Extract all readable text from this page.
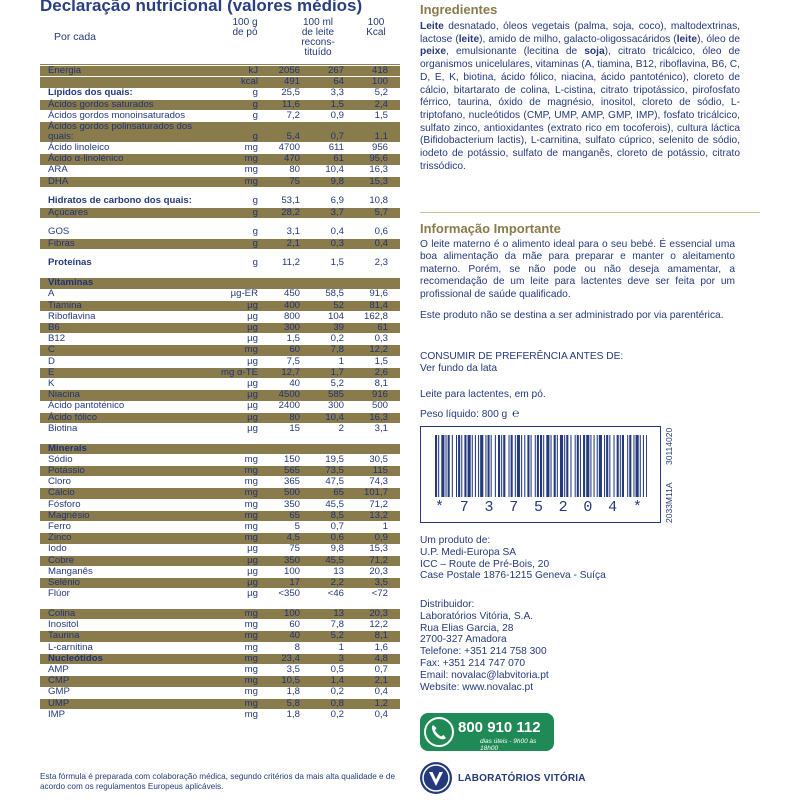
Declaração nutricional (valores médios)
Por cada
100 g
de pó
100 ml
de leite
recons-
tituído
100
Kcal
Energia	kJ	2056	267	418
kcal	491	64	100
Lípidos dos quais:	g	25,5	3,3	5,2
Ácidos gordos saturados	g	11,6	1,5	2,4
Ácidos gordos monoinsaturados	g	7,2	0,9	1,5
Ácidos gordos polinsaturados dos quais:	g	5,4	0,7	1,1
Ácido linoleico	mg	4700	611	956
Ácido α-linolénico	mg	470	61	95,6
ARA	mg	80	10,4	16,3
DHA	mg	75	9,8	15,3
Hidratos de carbono dos quais:	g	53,1	6,9	10,8
Açúcares	g	28,2	3,7	5,7
GOS	g	3,1	0,4	0,6
Fibras	g	2,1	0,3	0,4
Proteínas	g	11,2	1,5	2,3
Vitaminas
A	µg-ER	450	58,5	91,6
Tiamina	µg	400	52	81,4
Riboflavina	µg	800	104	162,8
B6	µg	300	39	61
B12	µg	1,5	0,2	0,3
C	mg	60	7,8	12,2
D	µg	7,5	1	1,5
E	mg α-TE	12,7	1,7	2,6
K	µg	40	5,2	8,1
Niacina	µg	4500	585	916
Ácido pantoténico	µg	2400	300	500
Ácido fólico	µg	80	10,4	16,3
Biotina	µg	15	2	3,1
Minerais
Sódio	mg	150	19,5	30,5
Potássio	mg	565	73,5	115
Cloro	mg	365	47,5	74,3
Cálcio	mg	500	65	101,7
Fósforo	mg	350	45,5	71,2
Magnésio	mg	65	8,5	13,2
Ferro	mg	5	0,7	1
Zinco	mg	4,5	0,6	0,9
Iodo	µg	75	9,8	15,3
Cobre	µg	350	45,5	71,2
Manganês	µg	100	13	20,3
Selénio	µg	17	2,2	3,5
Flúor	µg	<350	<46	<72
Colina	mg	100	13	20,3
Inositol	mg	60	7,8	12,2
Taurina	mg	40	5,2	8,1
L-carnitina	mg	8	1	1,6
Nucleótidos	mg	23,4	3	4,8
AMP	mg	3,5	0,5	0,7
CMP	mg	10,5	1,4	2,1
GMP	mg	1,8	0,2	0,4
UMP	mg	5,8	0,8	1,2
IMP	mg	1,8	0,2	0,4
Esta fórmula é preparada com colaboração médica, segundo critérios da mais alta qualidade e de acordo com os regulamentos Europeus aplicáveis.
Ingredientes
Leite desnatado, óleos vegetais (palma, soja, coco), maltodextrinas, lactose (leite), amido de milho, galacto-oligossacáridos (leite), óleo de peixe, emulsionante (lecitina de soja), citrato tricálcico, óleo de organismos unicelulares, vitaminas (A, tiamina, B12, riboflavina, B6, C, D, E, K, biotina, ácido fólico, niacina, ácido pantoténico), cloreto de cálcio, bitartarato de colina, L-cistina, citrato tripotássico, pirofosfato férrico, taurina, óxido de magnésio, inositol, cloreto de sódio, L-triptofano, nucleótidos (CMP, UMP, AMP, GMP, IMP), fosfato tricálcico, sulfato zinco, antioxidantes (extrato rico em tocoferois), cultura láctica (Bifidobacterium lactis), L-carnitina, sulfato cúprico, selenito de sódio, iodeto de potássio, sulfato de manganês, cloreto de potássio, citrato trissódico.
Informação Importante
O leite materno é o alimento ideal para o seu bebé. É essencial uma boa alimentação da mãe para preparar e manter o aleitamento materno. Porém, se não pode ou não deseja amamentar, a recomendação de um leite para lactentes deve ser feita por um profissional de saúde qualificado.
Este produto não se destina a ser administrado por via parentérica.
CONSUMIR DE PREFERÊNCIA ANTES DE:
Ver fundo da lata
Leite para lactentes, em pó.
Peso líquido: 800 g ℮
* 7 3 7 5 2 0 4 * 2033M11A
30114020
Um produto de:
U.P. Medi-Europa SA
ICC – Route de Pré-Bois, 20
Case Postale 1876-1215 Geneva - Suíça
Distribuidor:
Laboratórios Vitória, S.A.
Rua Elias Garcia, 28
2700-327 Amadora
Telefone: +351 214 758 300
Fax: +351 214 747 070
Email: novalac@labvitoria.pt
Website: www.novalac.pt
800 910 112
dias úteis - 9h00 às 18h00
LABORATÓRIOS VITÓRIA
